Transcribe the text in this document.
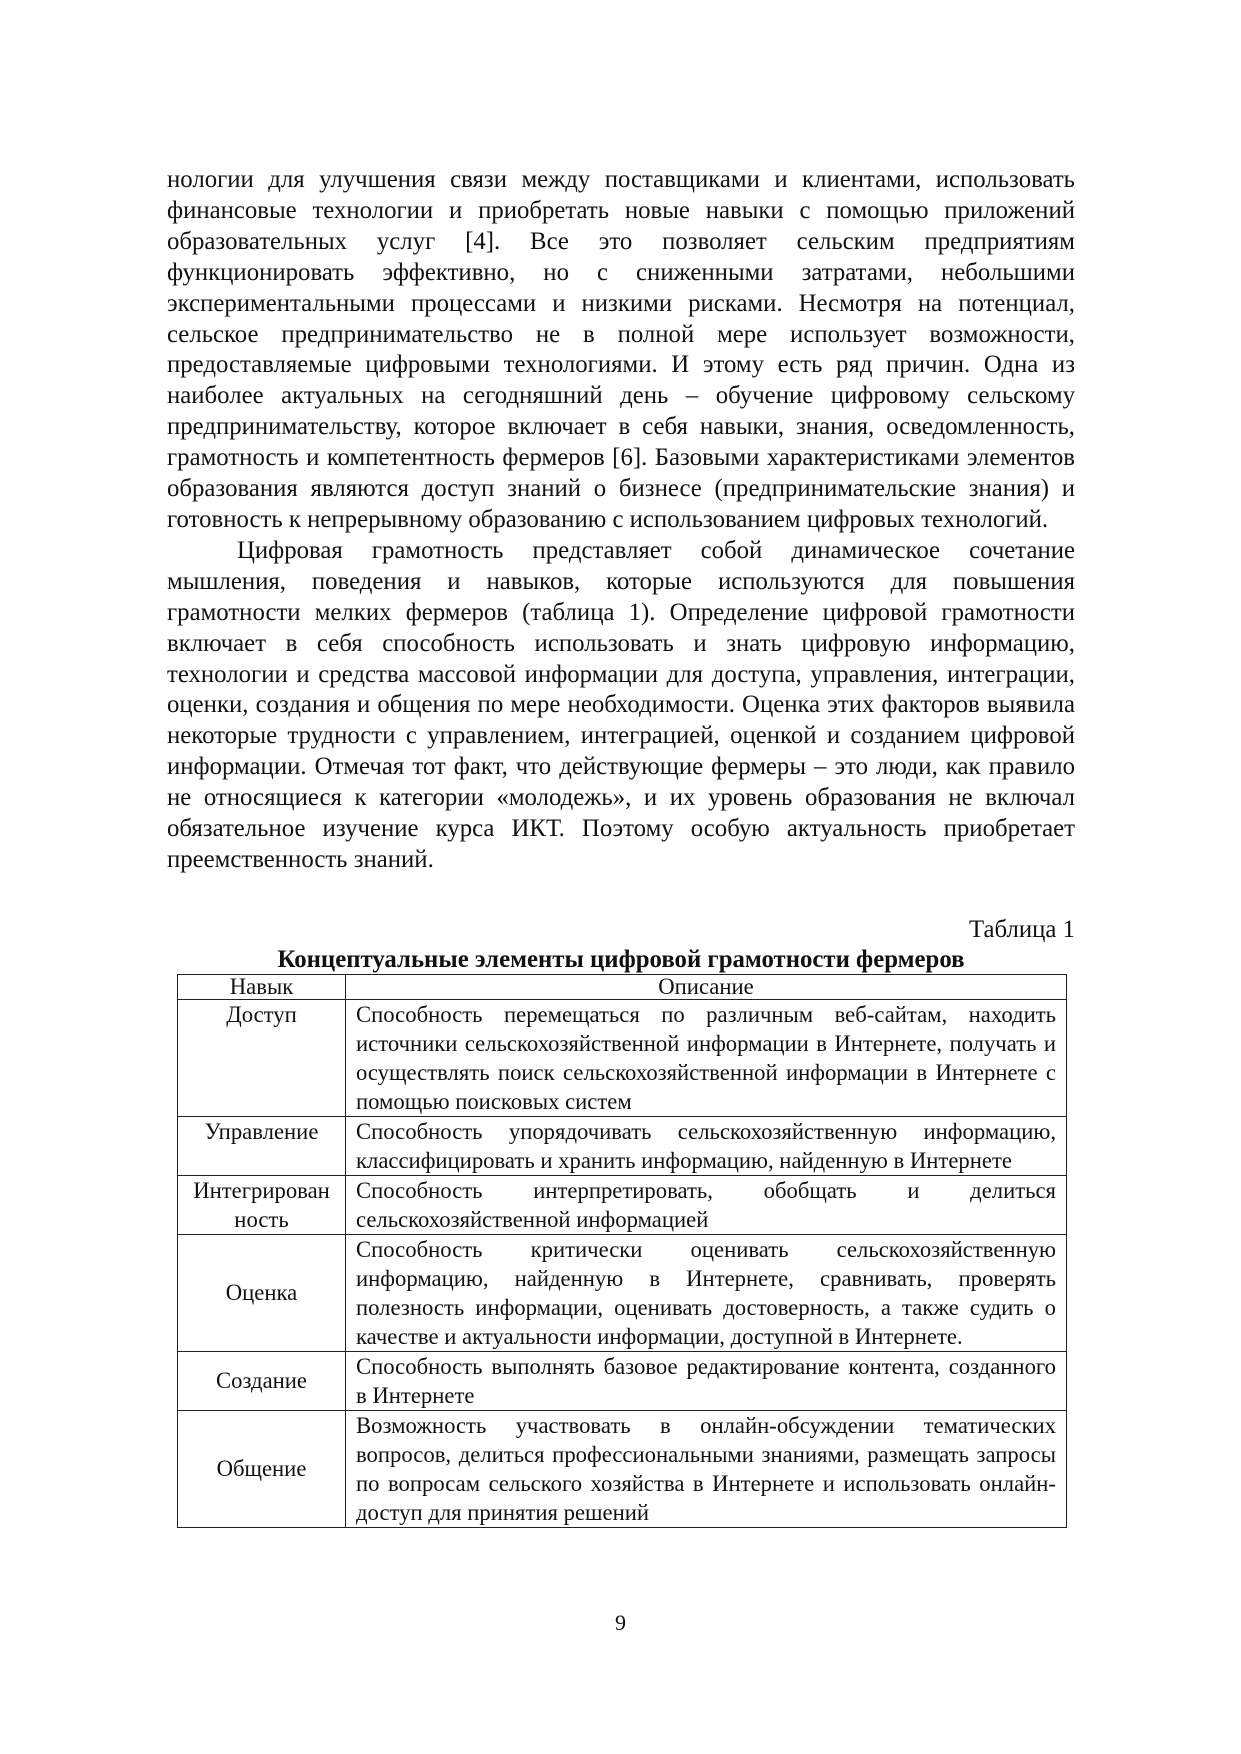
нологии для улучшения связи между поставщиками и клиентами, использовать финансовые технологии и приобретать новые навыки с помощью приложений образовательных услуг [4]. Все это позволяет сельским предприятиям функционировать эффективно, но с сниженными затратами, небольшими экспериментальными процессами и низкими рисками. Несмотря на потенциал, сельское предпринимательство не в полной мере использует возможности, предоставляемые цифровыми технологиями. И этому есть ряд причин. Одна из наиболее актуальных на сегодняшний день – обучение цифровому сельскому предпринимательству, которое включает в себя навыки, знания, осведомленность, грамотность и компетентность фермеров [6]. Базовыми характеристиками элементов образования являются доступ знаний о бизнесе (предпринимательские знания) и готовность к непрерывному образованию с использованием цифровых технологий.

Цифровая грамотность представляет собой динамическое сочетание мышления, поведения и навыков, которые используются для повышения грамотности мелких фермеров (таблица 1). Определение цифровой грамотности включает в себя способность использовать и знать цифровую информацию, технологии и средства массовой информации для доступа, управления, интеграции, оценки, создания и общения по мере необходимости. Оценка этих факторов выявила некоторые трудности с управлением, интеграцией, оценкой и созданием цифровой информации. Отмечая тот факт, что действующие фермеры – это люди, как правило не относящиеся к категории «молодежь», и их уровень образования не включал обязательное изучение курса ИКТ. Поэтому особую актуальность приобретает преемственность знаний.

Таблица 1

Концептуальные элементы цифровой грамотности фермеров

Навык	Описание
Доступ	Способность перемещаться по различным веб-сайтам, находить источники сельскохозяйственной информации в Интернете, получать и осуществлять поиск сельскохозяйственной информации в Интернете с помощью поисковых систем
Управление	Способность упорядочивать сельскохозяйственную информацию, классифицировать и хранить информацию, найденную в Интернете
Интегрирован ность	Способность интерпретировать, обобщать и делиться сельскохозяйственной информацией
Оценка	Способность критически оценивать сельскохозяйственную информацию, найденную в Интернете, сравнивать, проверять полезность информации, оценивать достоверность, а также судить о качестве и актуальности информации, доступной в Интернете.
Создание	Способность выполнять базовое редактирование контента, созданного в Интернете
Общение	Возможность участвовать в онлайн-обсуждении тематических вопросов, делиться профессиональными знаниями, размещать запросы по вопросам сельского хозяйства в Интернете и использовать онлайн-доступ для принятия решений
9
